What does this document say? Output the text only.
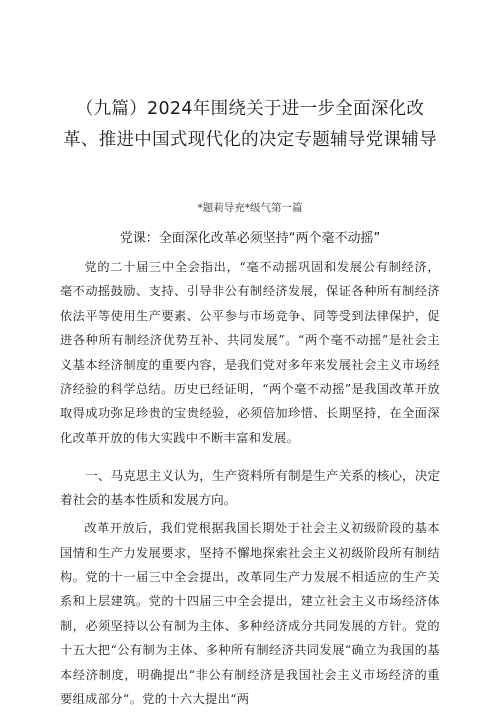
（九篇）2024年围绕关于进一步全面深化改革、推进中国式现代化的决定专题辅导党课辅导
*题莉导充*级气第一篇
党课：全面深化改革必须坚持“两个毫不动摇”

党的二十届三中全会指出，“毫不动摇巩固和发展公有制经济，毫不动摇鼓励、支持、引导非公有制经济发展，保证各种所有制经济依法平等使用生产要素、公平参与市场竞争、同等受到法律保护，促进各种所有制经济优势互补、共同发展”。“两个毫不动摇”是社会主义基本经济制度的重要内容，是我们党对多年来发展社会主义市场经济经验的科学总结。历史已经证明，“两个毫不动摇”是我国改革开放取得成功弥足珍贵的宝贵经验，必须倍加珍惜、长期坚持，在全面深化改革开放的伟大实践中不断丰富和发展。

一、马克思主义认为，生产资料所有制是生产关系的核心，决定着社会的基本性质和发展方向。

改革开放后，我们党根据我国长期处于社会主义初级阶段的基本国情和生产力发展要求，坚持不懈地探索社会主义初级阶段所有制结构。党的十一届三中全会提出，改革同生产力发展不相适应的生产关系和上层建筑。党的十四届三中全会提出，建立社会主义市场经济体制，必须坚持以公有制为主体、多种经济成分共同发展的方针。党的十五大把“公有制为主体、多种所有制经济共同发展“确立为我国的基本经济制度，明确提出“非公有制经济是我国社会主义市场经济的重要组成部分“。党的十六大提出“两
